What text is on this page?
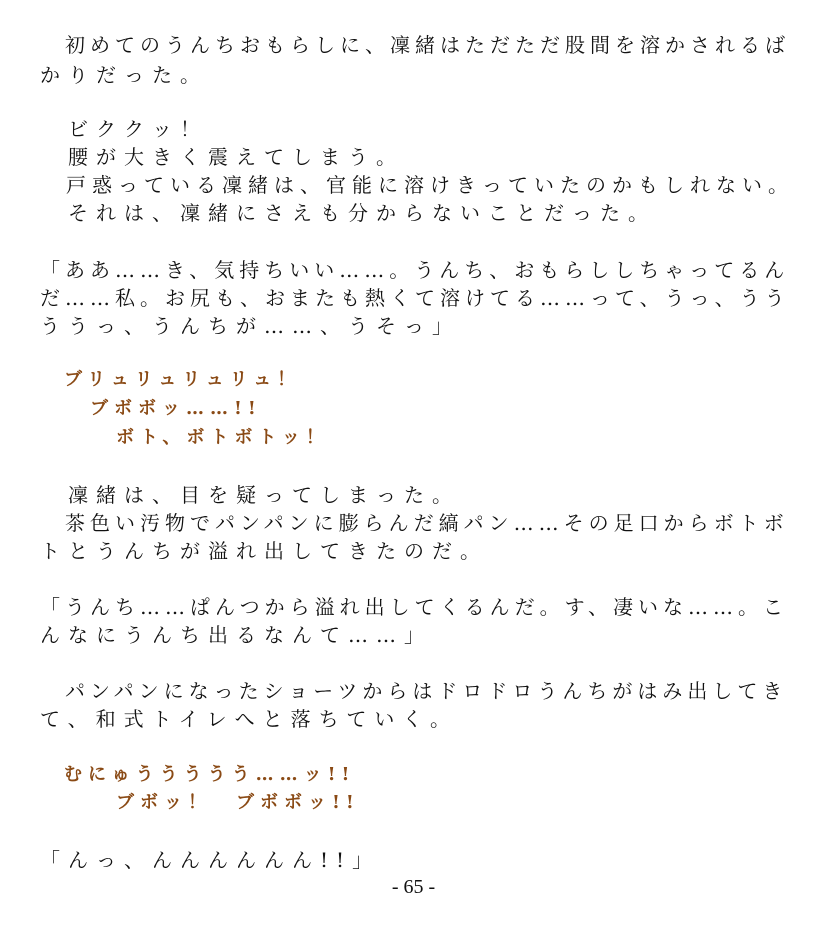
　初めてのうんちおもらしに、凜緒はただただ股間を溶かされるば
かりだった。
　ビククッ！
　腰が大きく震えてしまう。
　戸惑っている凜緒は、官能に溶けきっていたのかもしれない。
　それは、凜緒にさえも分からないことだった。
「ああ……き、気持ちいい……。うんち、おもらししちゃってるん
だ……私。お尻も、おまたも熱くて溶けてる……って、うっ、うう
ううっ、うんちが……、うそっ」
ブリュリュリュリュ！
ブボボッ……!!
ボト、ボトボトッ！
　凜緒は、目を疑ってしまった。
　茶色い汚物でパンパンに膨らんだ縞パン……その足口からボトボ
トとうんちが溢れ出してきたのだ。
「うんち……ぱんつから溢れ出してくるんだ。す、凄いな……。こ
んなにうんち出るなんて……」
　パンパンになったショーツからはドロドロうんちがはみ出してき
て、和式トイレへと落ちていく。
むにゅううううう……ッ!!
ブボッ！　ブボボッ!!
「んっ、んんんんんん!!」
- 65 -
